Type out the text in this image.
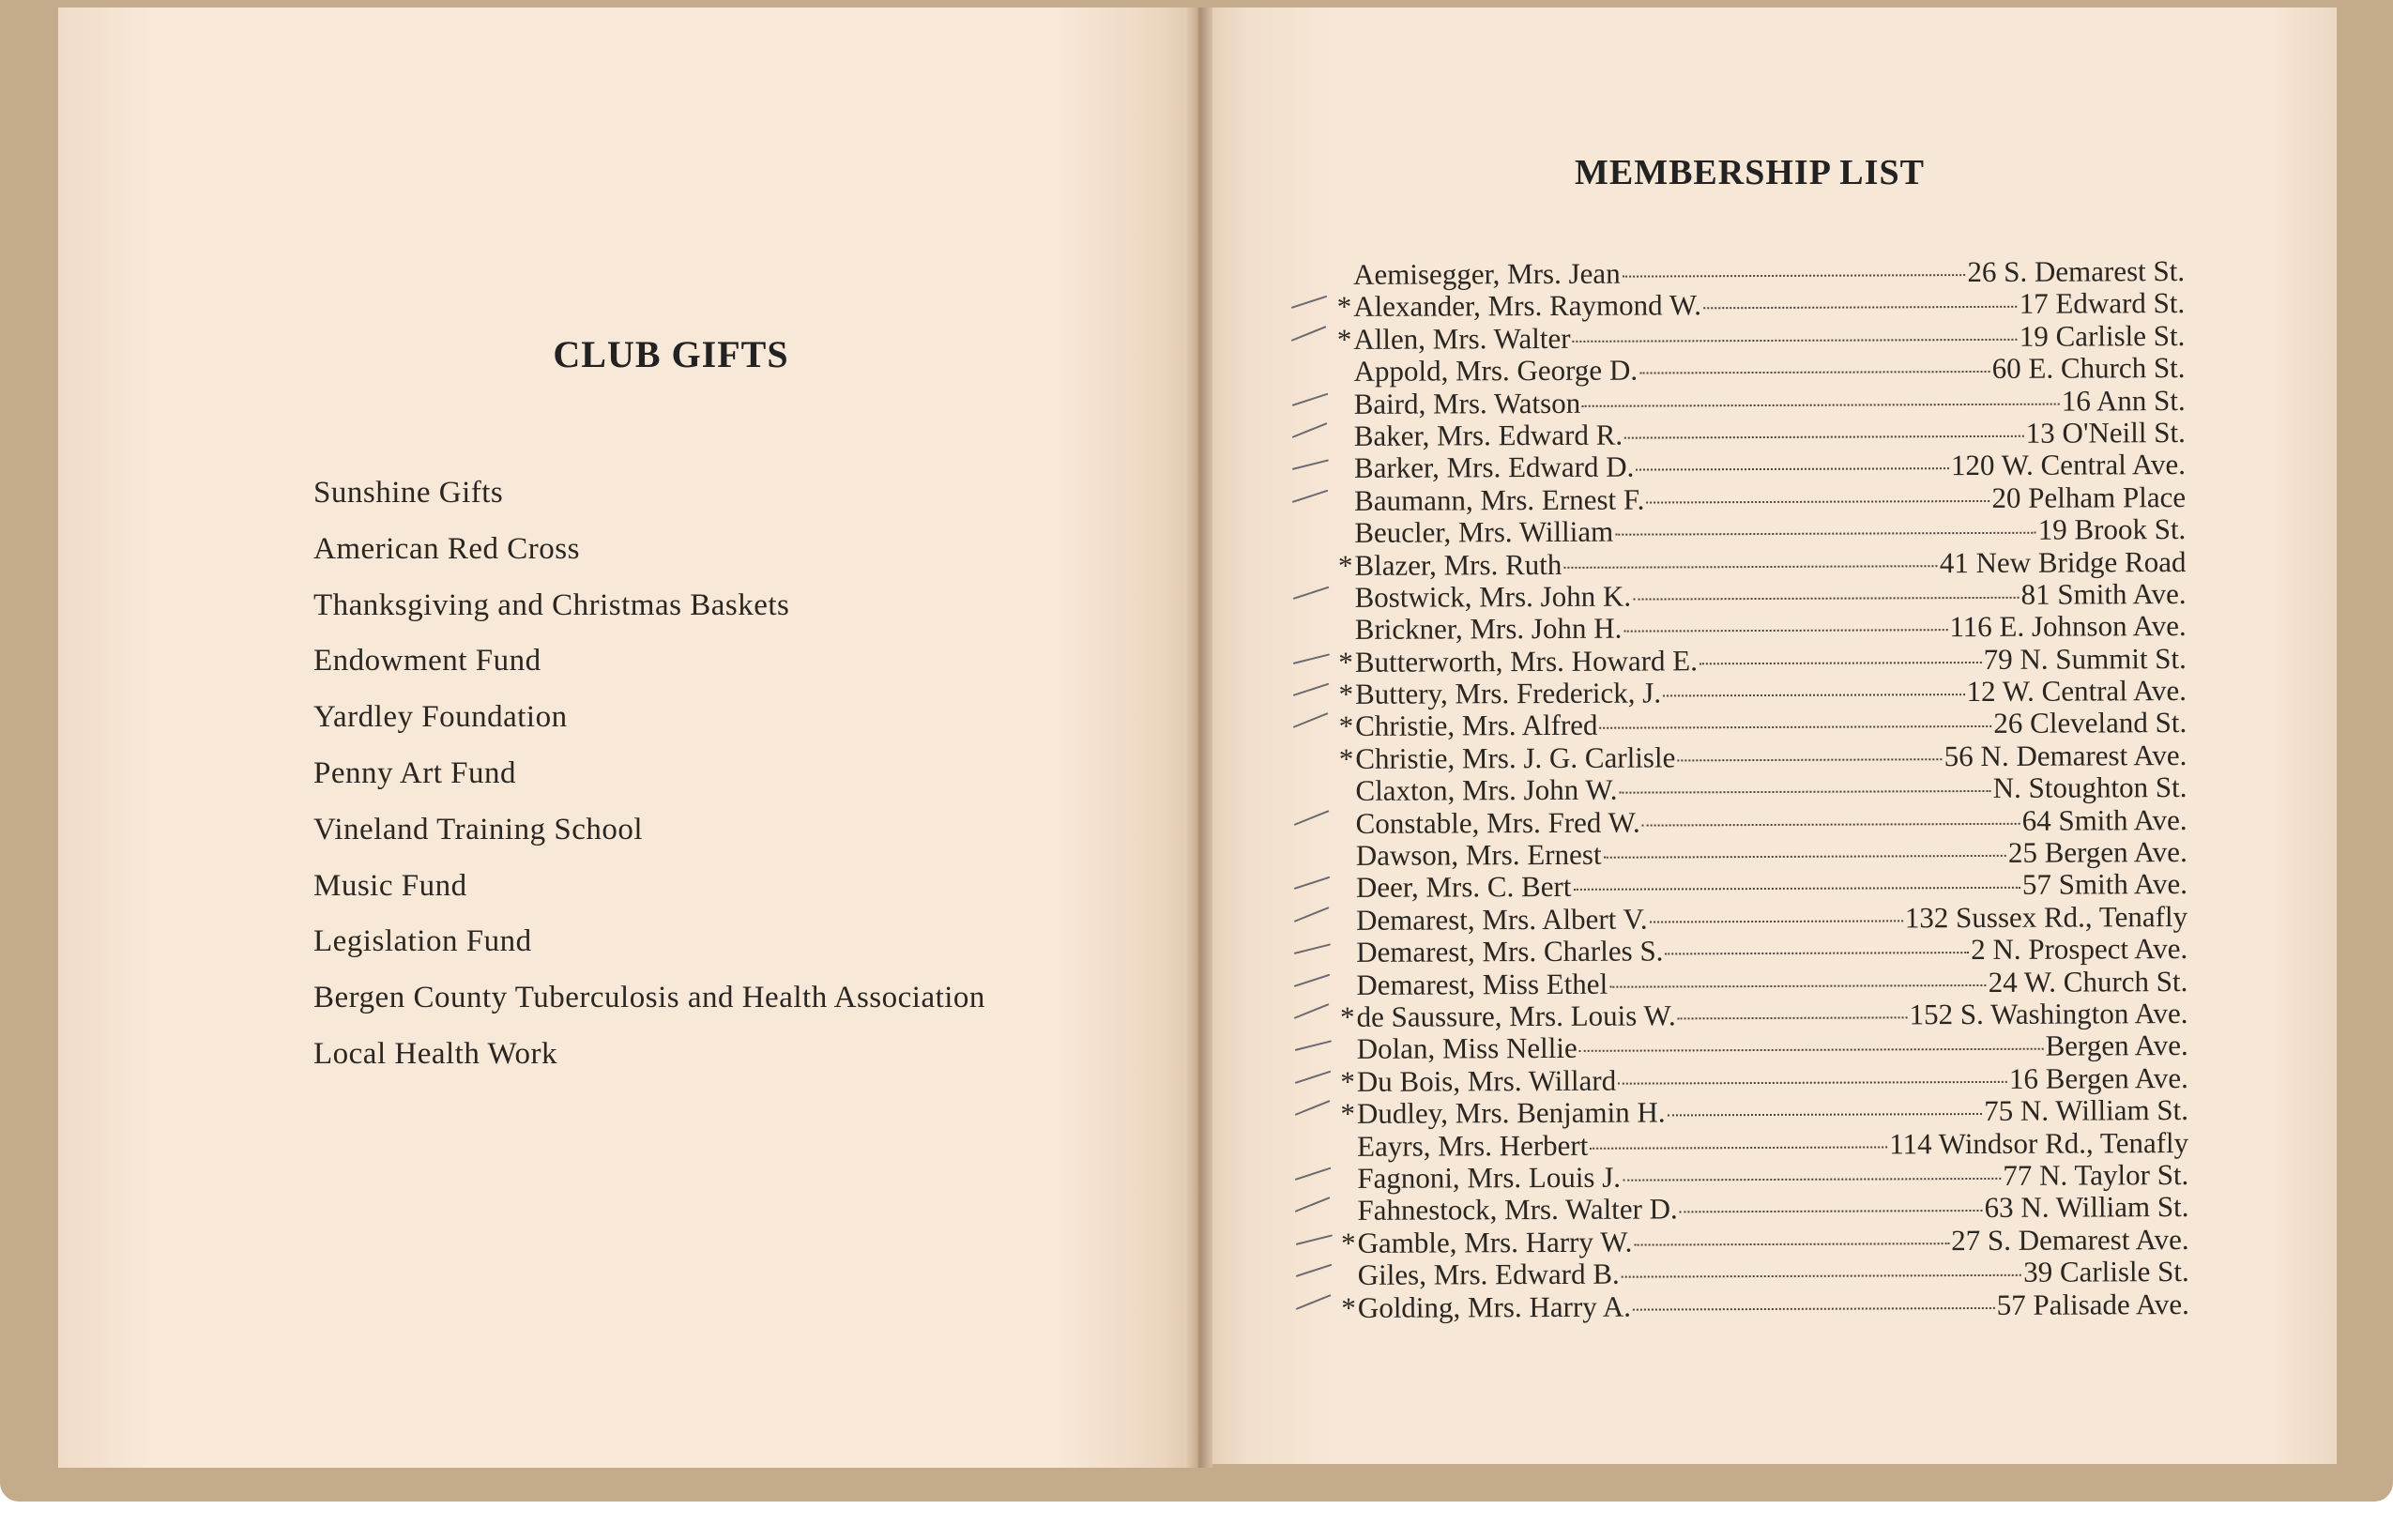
CLUB GIFTS
Sunshine Gifts
American Red Cross
Thanksgiving and Christmas Baskets
Endowment Fund
Yardley Foundation
Penny Art Fund
Vineland Training School
Music Fund
Legislation Fund
Bergen County Tuberculosis and Health Association
Local Health Work
MEMBERSHIP LIST
Aemisegger, Mrs. Jean	26 S. Demarest St.
* Alexander, Mrs. Raymond W.	17 Edward St.
* Allen, Mrs. Walter	19 Carlisle St.
Appold, Mrs. George D.	60 E. Church St.
Baird, Mrs. Watson	16 Ann St.
Baker, Mrs. Edward R.	13 O'Neill St.
Barker, Mrs. Edward D.	120 W. Central Ave.
Baumann, Mrs. Ernest F.	20 Pelham Place
Beucler, Mrs. William	19 Brook St.
* Blazer, Mrs. Ruth	41 New Bridge Road
Bostwick, Mrs. John K.	81 Smith Ave.
Brickner, Mrs. John H.	116 E. Johnson Ave.
* Butterworth, Mrs. Howard E.	79 N. Summit St.
* Buttery, Mrs. Frederick, J.	12 W. Central Ave.
* Christie, Mrs. Alfred	26 Cleveland St.
* Christie, Mrs. J. G. Carlisle	56 N. Demarest Ave.
Claxton, Mrs. John W.	N. Stoughton St.
Constable, Mrs. Fred W.	64 Smith Ave.
Dawson, Mrs. Ernest	25 Bergen Ave.
Deer, Mrs. C. Bert	57 Smith Ave.
Demarest, Mrs. Albert V.	132 Sussex Rd., Tenafly
Demarest, Mrs. Charles S.	2 N. Prospect Ave.
Demarest, Miss Ethel	24 W. Church St.
* de Saussure, Mrs. Louis W.	152 S. Washington Ave.
Dolan, Miss Nellie	Bergen Ave.
* Du Bois, Mrs. Willard	16 Bergen Ave.
* Dudley, Mrs. Benjamin H.	75 N. William St.
Eayrs, Mrs. Herbert	114 Windsor Rd., Tenafly
Fagnoni, Mrs. Louis J.	77 N. Taylor St.
Fahnestock, Mrs. Walter D.	63 N. William St.
* Gamble, Mrs. Harry W.	27 S. Demarest Ave.
Giles, Mrs. Edward B.	39 Carlisle St.
* Golding, Mrs. Harry A.	57 Palisade Ave.
